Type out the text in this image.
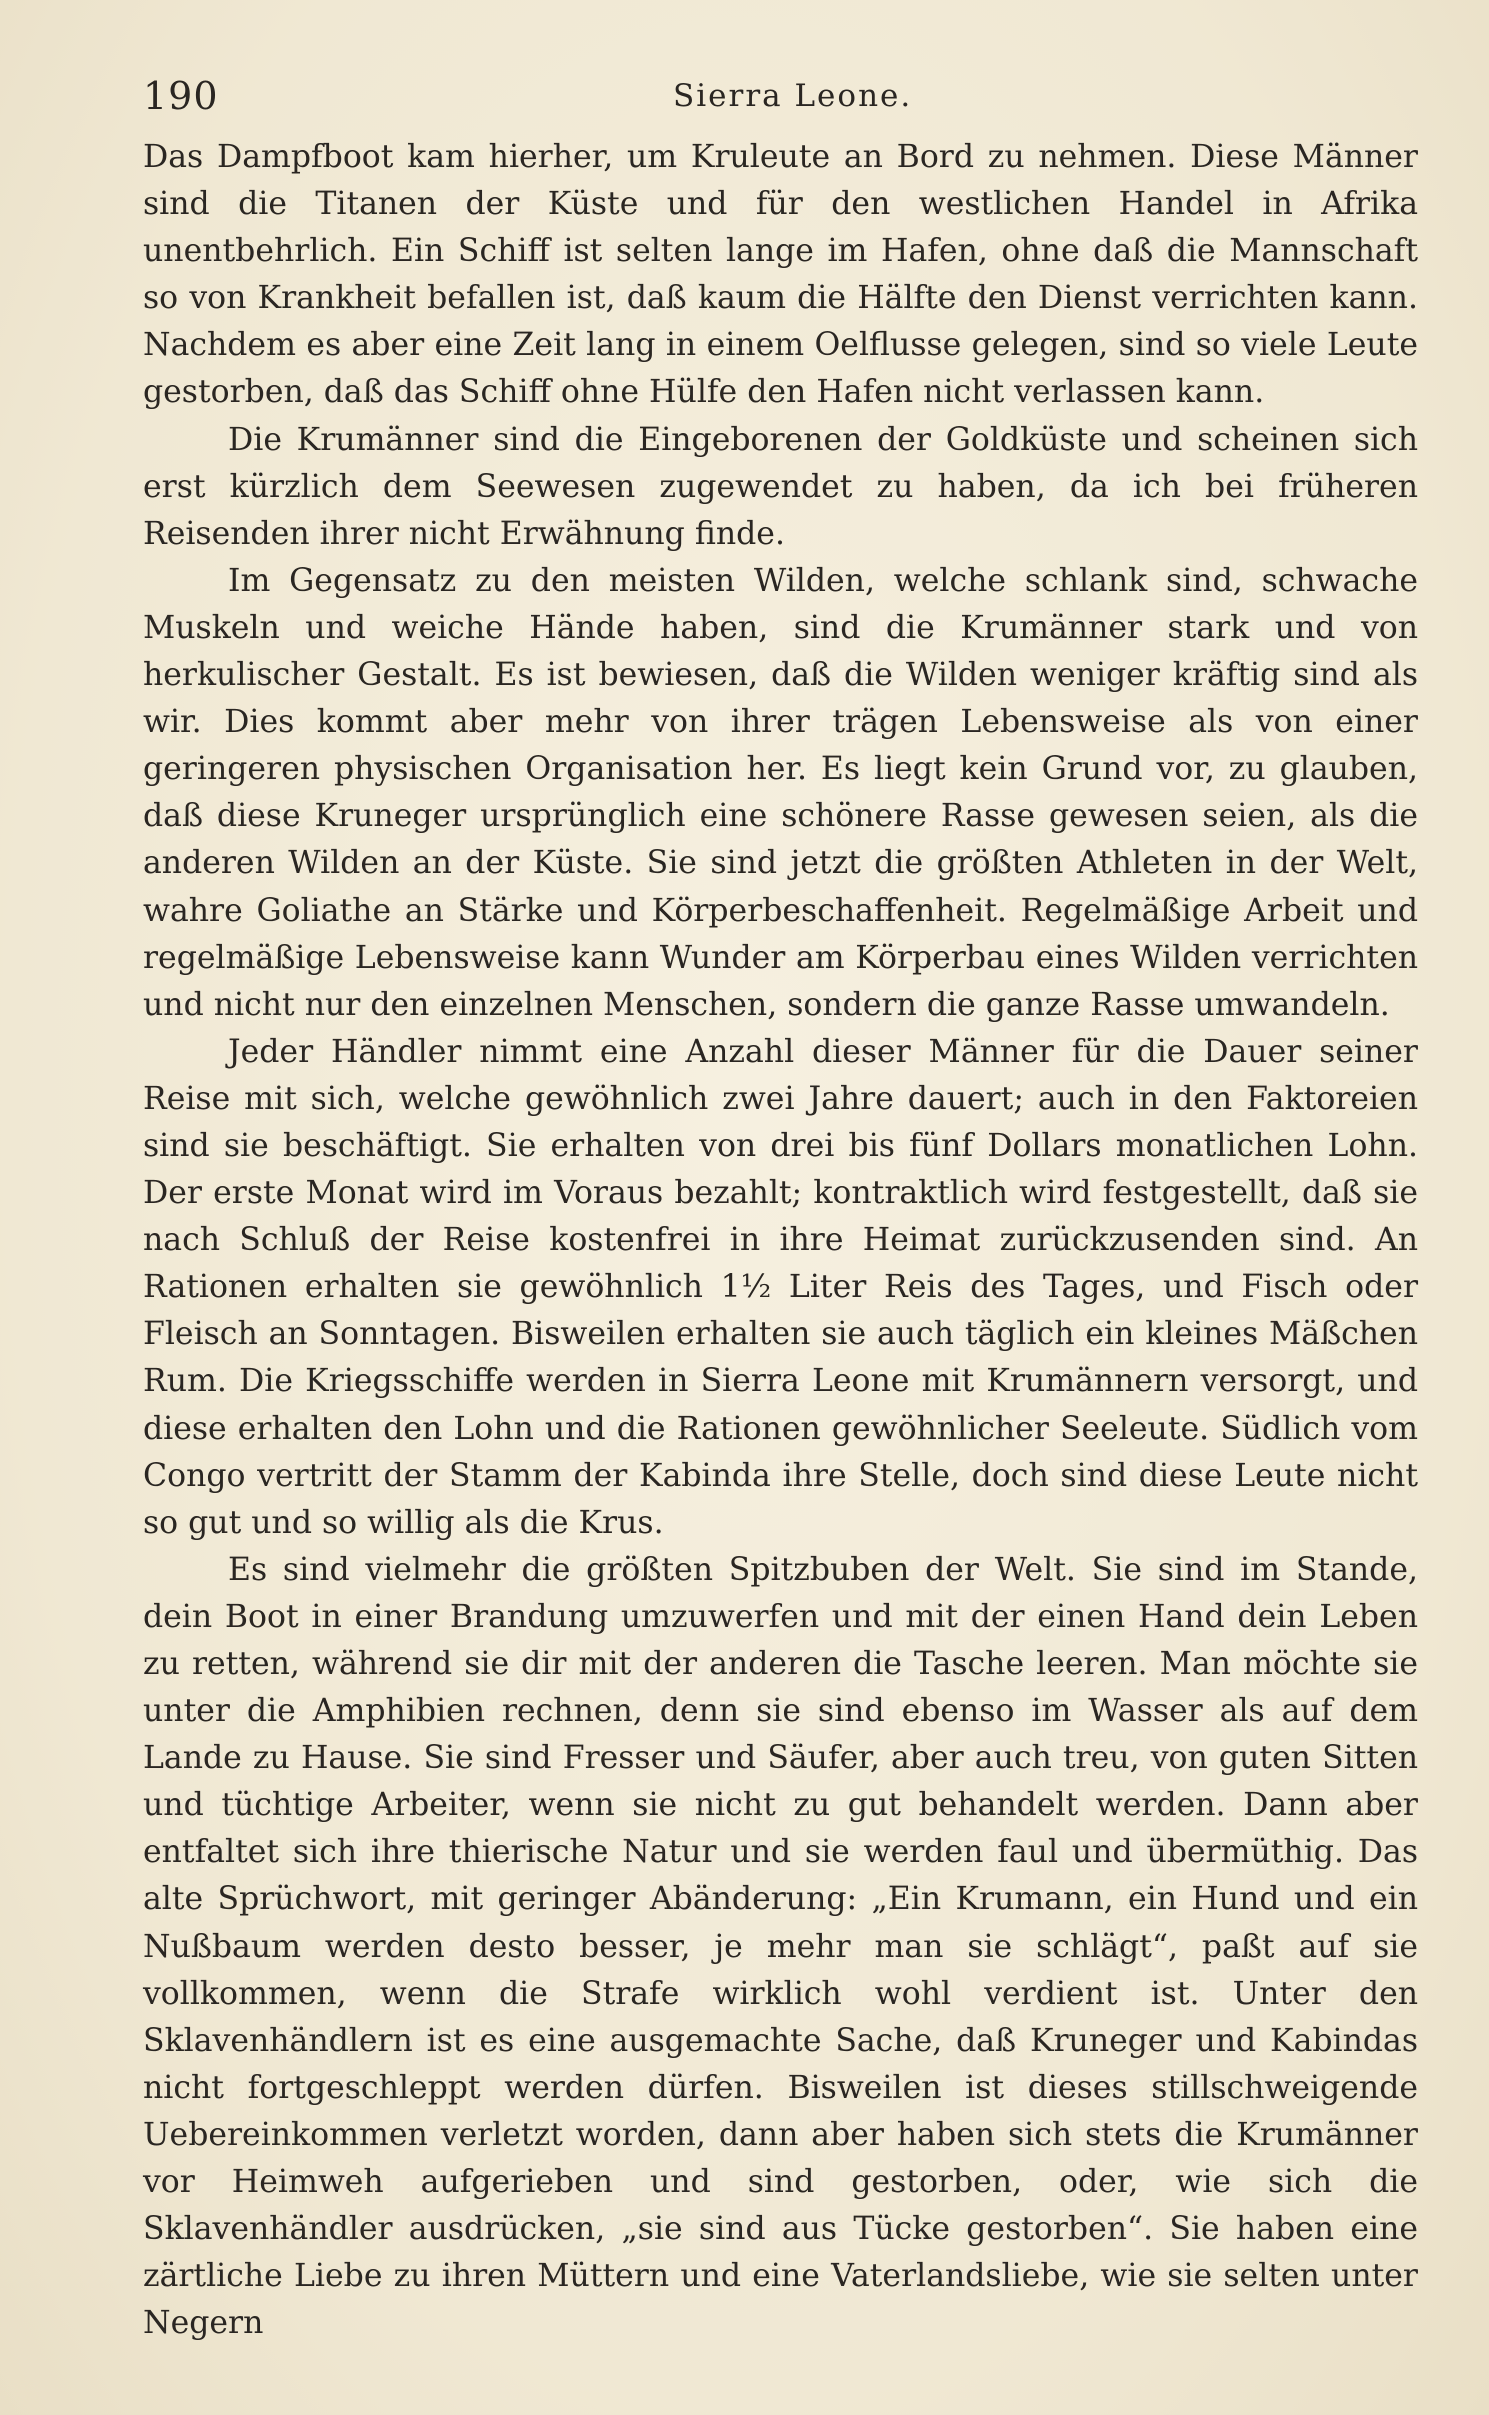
190	Sierra Leone.

Das Dampfboot kam hierher, um Kruleute an Bord zu nehmen. Diese Männer sind die Titanen der Küste und für den westlichen Handel in Afrika unentbehrlich. Ein Schiff ist selten lange im Hafen, ohne daß die Mannschaft so von Krankheit befallen ist, daß kaum die Hälfte den Dienst verrichten kann. Nachdem es aber eine Zeit lang in einem Oelflusse gelegen, sind so viele Leute gestorben, daß das Schiff ohne Hülfe den Hafen nicht verlassen kann.

Die Krumänner sind die Eingeborenen der Goldküste und scheinen sich erst kürzlich dem Seewesen zugewendet zu haben, da ich bei früheren Reisenden ihrer nicht Erwähnung finde.

Im Gegensatz zu den meisten Wilden, welche schlank sind, schwache Muskeln und weiche Hände haben, sind die Krumänner stark und von herkulischer Gestalt. Es ist bewiesen, daß die Wilden weniger kräftig sind als wir. Dies kommt aber mehr von ihrer trägen Lebensweise als von einer geringeren physischen Organisation her. Es liegt kein Grund vor, zu glauben, daß diese Kruneger ursprünglich eine schönere Rasse gewesen seien, als die anderen Wilden an der Küste. Sie sind jetzt die größten Athleten in der Welt, wahre Goliathe an Stärke und Körperbeschaffenheit. Regelmäßige Arbeit und regelmäßige Lebensweise kann Wunder am Körperbau eines Wilden verrichten und nicht nur den einzelnen Menschen, sondern die ganze Rasse umwandeln.

Jeder Händler nimmt eine Anzahl dieser Männer für die Dauer seiner Reise mit sich, welche gewöhnlich zwei Jahre dauert; auch in den Faktoreien sind sie beschäftigt. Sie erhalten von drei bis fünf Dollars monatlichen Lohn. Der erste Monat wird im Voraus bezahlt; kontraktlich wird festgestellt, daß sie nach Schluß der Reise kostenfrei in ihre Heimat zurückzusenden sind. An Rationen erhalten sie gewöhnlich 1½ Liter Reis des Tages, und Fisch oder Fleisch an Sonntagen. Bisweilen erhalten sie auch täglich ein kleines Mäßchen Rum. Die Kriegsschiffe werden in Sierra Leone mit Krumännern versorgt, und diese erhalten den Lohn und die Rationen gewöhnlicher Seeleute. Südlich vom Congo vertritt der Stamm der Kabinda ihre Stelle, doch sind diese Leute nicht so gut und so willig als die Krus.

Es sind vielmehr die größten Spitzbuben der Welt. Sie sind im Stande, dein Boot in einer Brandung umzuwerfen und mit der einen Hand dein Leben zu retten, während sie dir mit der anderen die Tasche leeren. Man möchte sie unter die Amphibien rechnen, denn sie sind ebenso im Wasser als auf dem Lande zu Hause. Sie sind Fresser und Säufer, aber auch treu, von guten Sitten und tüchtige Arbeiter, wenn sie nicht zu gut behandelt werden. Dann aber entfaltet sich ihre thierische Natur und sie werden faul und übermüthig. Das alte Sprüchwort, mit geringer Abänderung: „Ein Krumann, ein Hund und ein Nußbaum werden desto besser, je mehr man sie schlägt“, paßt auf sie vollkommen, wenn die Strafe wirklich wohl verdient ist. Unter den Sklavenhändlern ist es eine ausgemachte Sache, daß Kruneger und Kabindas nicht fortgeschleppt werden dürfen. Bisweilen ist dieses stillschweigende Uebereinkommen verletzt worden, dann aber haben sich stets die Krumänner vor Heimweh aufgerieben und sind gestorben, oder, wie sich die Sklavenhändler ausdrücken, „sie sind aus Tücke gestorben“. Sie haben eine zärtliche Liebe zu ihren Müttern und eine Vaterlandsliebe, wie sie selten unter Negern
